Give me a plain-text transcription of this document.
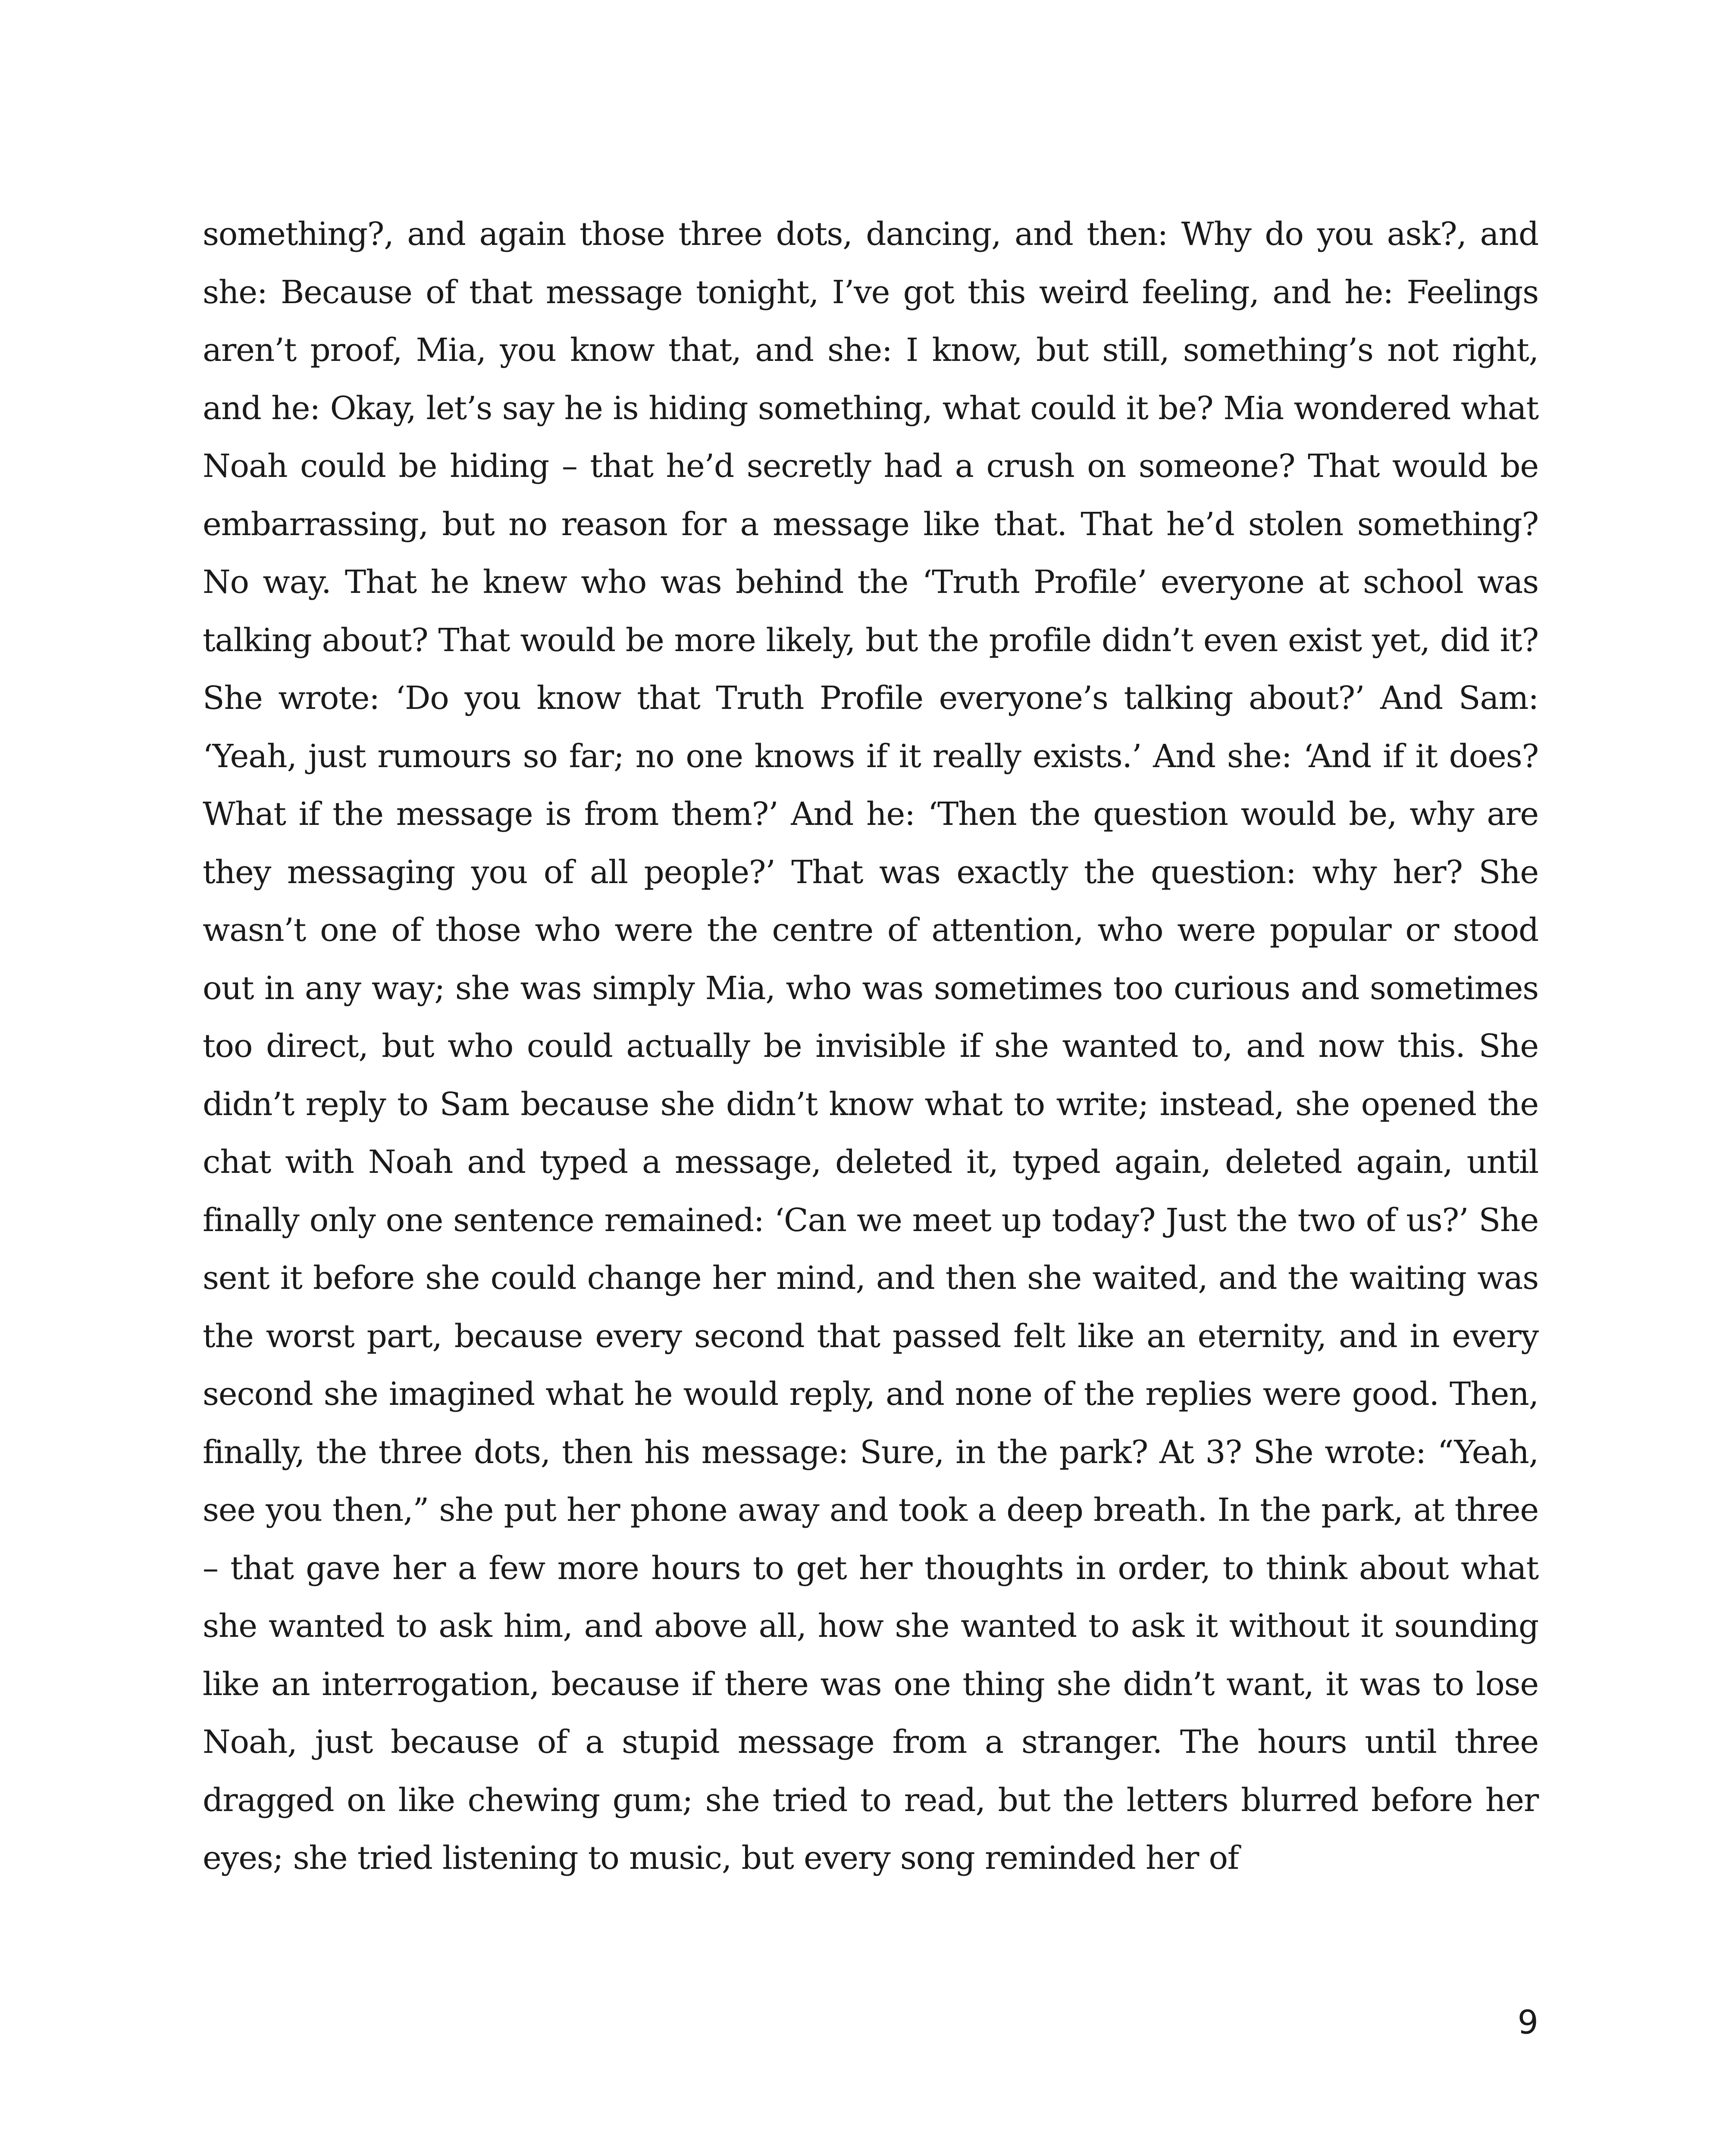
something?, and again those three dots, dancing, and then: Why do you ask?, and she: Because of that message tonight, I’ve got this weird feeling, and he: Feelings aren’t proof, Mia, you know that, and she: I know, but still, something’s not right, and he: Okay, let’s say he is hiding something, what could it be? Mia wondered what Noah could be hiding – that he’d secretly had a crush on someone? That would be embarrassing, but no reason for a message like that. That he’d stolen something? No way. That he knew who was behind the ‘Truth Profile’ everyone at school was talking about? That would be more likely, but the profile didn’t even exist yet, did it? She wrote: ‘Do you know that Truth Profile everyone’s talking about?’ And Sam: ‘Yeah, just rumours so far; no one knows if it really exists.’ And she: ‘And if it does? What if the message is from them?’ And he: ‘Then the question would be, why are they messaging you of all people?’ That was exactly the question: why her? She wasn’t one of those who were the centre of attention, who were popular or stood out in any way; she was simply Mia, who was sometimes too curious and sometimes too direct, but who could actually be invisible if she wanted to, and now this. She didn’t reply to Sam because she didn’t know what to write; instead, she opened the chat with Noah and typed a message, deleted it, typed again, deleted again, until finally only one sentence remained: ‘Can we meet up today? Just the two of us?’ She sent it before she could change her mind, and then she waited, and the waiting was the worst part, because every second that passed felt like an eternity, and in every second she imagined what he would reply, and none of the replies were good. Then, finally, the three dots, then his message: Sure, in the park? At 3? She wrote: “Yeah, see you then,” she put her phone away and took a deep breath. In the park, at three – that gave her a few more hours to get her thoughts in order, to think about what she wanted to ask him, and above all, how she wanted to ask it without it sounding like an interrogation, because if there was one thing she didn’t want, it was to lose Noah, just because of a stupid message from a stranger. The hours until three dragged on like chewing gum; she tried to read, but the letters blurred before her eyes; she tried listening to music, but every song reminded her of

9
